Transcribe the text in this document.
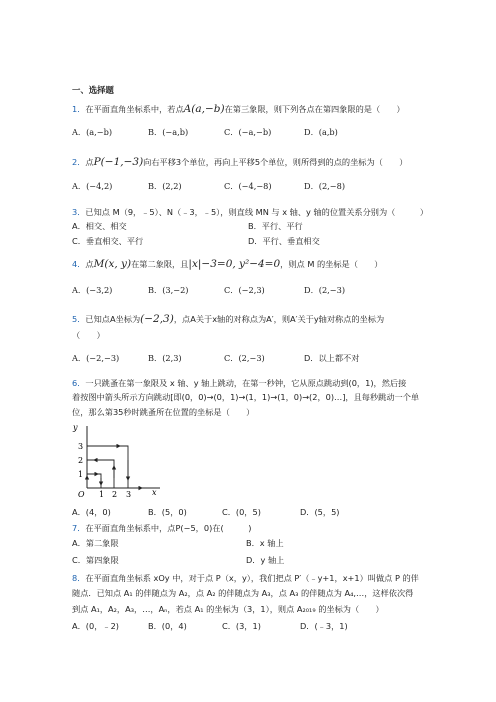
一、选择题
1．在平面直角坐标系中，若点A(a,−b)在第三象限，则下列各点在第四象限的是（　　）
A．(a,−b)	B．(−a,b)	C．(−a,−b)	D．(a,b)
2．点P(−1,−3)向右平移3个单位，再向上平移5个单位，则所得到的点的坐标为（　　）
A．(−4,2)	B．(2,2)	C．(−4,−8)	D．(2,−8)
3．已知点 M（9，﹣5）、N（﹣3，﹣5），则直线 MN 与 x 轴、y 轴的位置关系分别为（　　　）
A．相交、相交	B．平行、平行
C．垂直相交、平行	D．平行、垂直相交
4．点M(x, y)在第二象限，且|x|−3=0, y²−4=0，则点 M 的坐标是（　　）
A．(−3,2)	B．(3,−2)	C．(−2,3)	D．(2,−3)
5．已知点A坐标为(−2,3)，点A关于x轴的对称点为A′，则A′关于y轴对称点的坐标为
（　　）
A．(−2,−3)	B．(2,3)	C．(2,−3)	D．以上都不对
6．一只跳蚤在第一象限及 x 轴、y 轴上跳动，在第一秒钟，它从原点跳动到(0，1)，然后接
着按图中箭头所示方向跳动[即(0，0)→(0，1)→(1，1)→(1，0)→(2，0)…]，且每秒跳动一个单
位，那么第35秒时跳蚤所在位置的坐标是（　　）
y
x
O 1 2 3
1
2
3
A．(4，0)	B．(5，0)	C．(0，5)	D．(5，5)
7．在平面直角坐标系中，点P(−5，0)在(　　　)
A．第二象限	B．x 轴上
C．第四象限	D．y 轴上
8．在平面直角坐标系 xOy 中，对于点 P（x，y），我们把点 P′（﹣y+1，x+1）叫做点 P 的伴
随点．已知点 A₁ 的伴随点为 A₂，点 A₂ 的伴随点为 A₃，点 A₃ 的伴随点为 A₄,…，这样依次得
到点 A₁，A₂，A₃，…，Aₙ，若点 A₁ 的坐标为（3，1），则点 A₂₀₁₉ 的坐标为（　　）
A．(0，﹣2)	B．(0，4)	C．(3，1)	D．(﹣3，1)
